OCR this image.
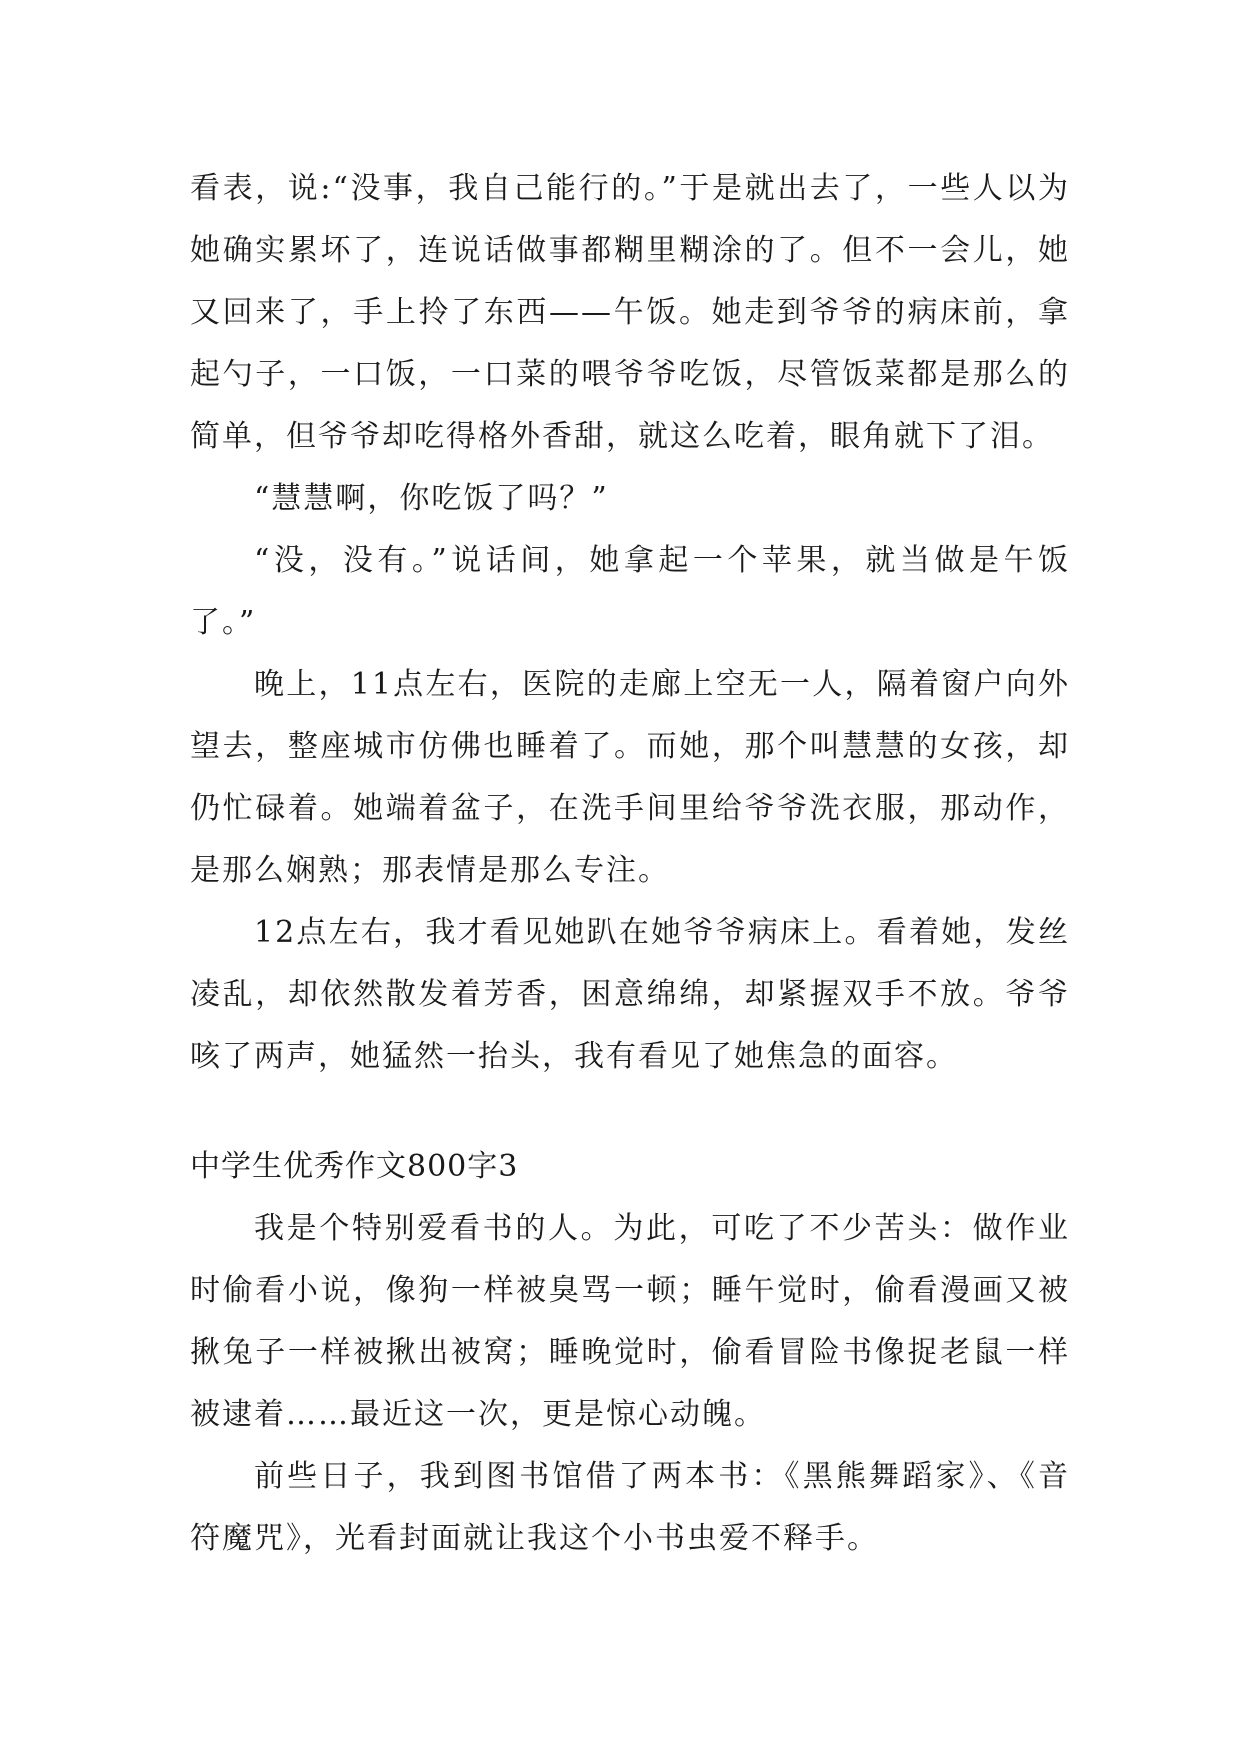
看表，说:“没事，我自己能行的。”于是就出去了，一些人以为她确实累坏了，连说话做事都糊里糊涂的了。但不一会儿，她又回来了，手上拎了东西——午饭。她走到爷爷的病床前，拿起勺子，一口饭，一口菜的喂爷爷吃饭，尽管饭菜都是那么的简单，但爷爷却吃得格外香甜，就这么吃着，眼角就下了泪。

“慧慧啊，你吃饭了吗？”

“没，没有。”说话间，她拿起一个苹果，就当做是午饭了。”

晚上，11点左右，医院的走廊上空无一人，隔着窗户向外望去，整座城市仿佛也睡着了。而她，那个叫慧慧的女孩，却仍忙碌着。她端着盆子，在洗手间里给爷爷洗衣服，那动作，是那么娴熟；那表情是那么专注。

12点左右，我才看见她趴在她爷爷病床上。看着她，发丝凌乱，却依然散发着芳香，困意绵绵，却紧握双手不放。爷爷咳了两声，她猛然一抬头，我有看见了她焦急的面容。

中学生优秀作文800字3

我是个特别爱看书的人。为此，可吃了不少苦头：做作业时偷看小说，像狗一样被臭骂一顿；睡午觉时，偷看漫画又被揪兔子一样被揪出被窝；睡晚觉时，偷看冒险书像捉老鼠一样被逮着……最近这一次，更是惊心动魄。

前些日子，我到图书馆借了两本书：《黑熊舞蹈家》、《音符魔咒》，光看封面就让我这个小书虫爱不释手。
